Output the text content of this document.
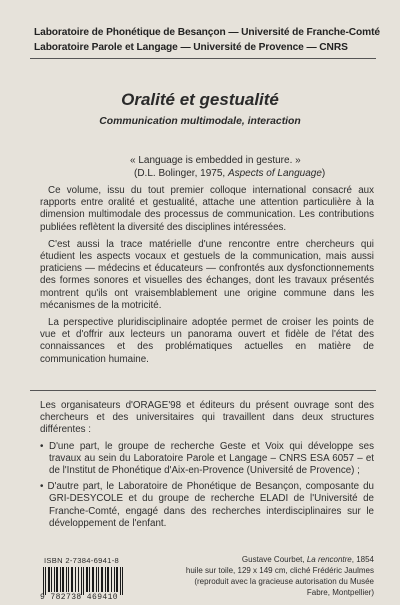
Laboratoire de Phonétique de Besançon — Université de Franche-Comté
Laboratoire Parole et Langage — Université de Provence — CNRS
Oralité et gestualité
Communication multimodale, interaction
« Language is embedded in gesture. »
(D.L. Bolinger, 1975, Aspects of Language)

Ce volume, issu du tout premier colloque international consacré aux rapports entre oralité et gestualité, attache une attention particulière à la dimension multimodale des processus de communication. Les contributions publiées reflètent la diversité des disciplines intéressées.

C'est aussi la trace matérielle d'une rencontre entre chercheurs qui étudient les aspects vocaux et gestuels de la communication, mais aussi praticiens — médecins et éducateurs — confrontés aux dysfonctionnements des formes sonores et visuelles des échanges, dont les travaux présentés montrent qu'ils ont vraisemblablement une origine commune dans les mécanismes de la motricité.

La perspective pluridisciplinaire adoptée permet de croiser les points de vue et d'offrir aux lecteurs un panorama ouvert et fidèle de l'état des connaissances et des problématiques actuelles en matière de communication humaine.

Les organisateurs d'ORAGE'98 et éditeurs du présent ouvrage sont des chercheurs et des universitaires qui travaillent dans deux structures différentes :

• D'une part, le groupe de recherche Geste et Voix qui développe ses travaux au sein du Laboratoire Parole et Langage – CNRS ESA 6057 – et de l'Institut de Phonétique d'Aix-en-Provence (Université de Provence) ;

• D'autre part, le Laboratoire de Phonétique de Besançon, composante du GRI-DESYCOLE et du groupe de recherche ELADI de l'Université de Franche-Comté, engagé dans des recherches interdisciplinaires sur le développement de l'enfant.

ISBN 2-7384-6941-8
9 782738 469410
Gustave Courbet, La rencontre, 1854
huile sur toile, 129 x 149 cm, cliché Frédéric Jaulmes
(reproduit avec la gracieuse autorisation du Musée Fabre, Montpellier)
